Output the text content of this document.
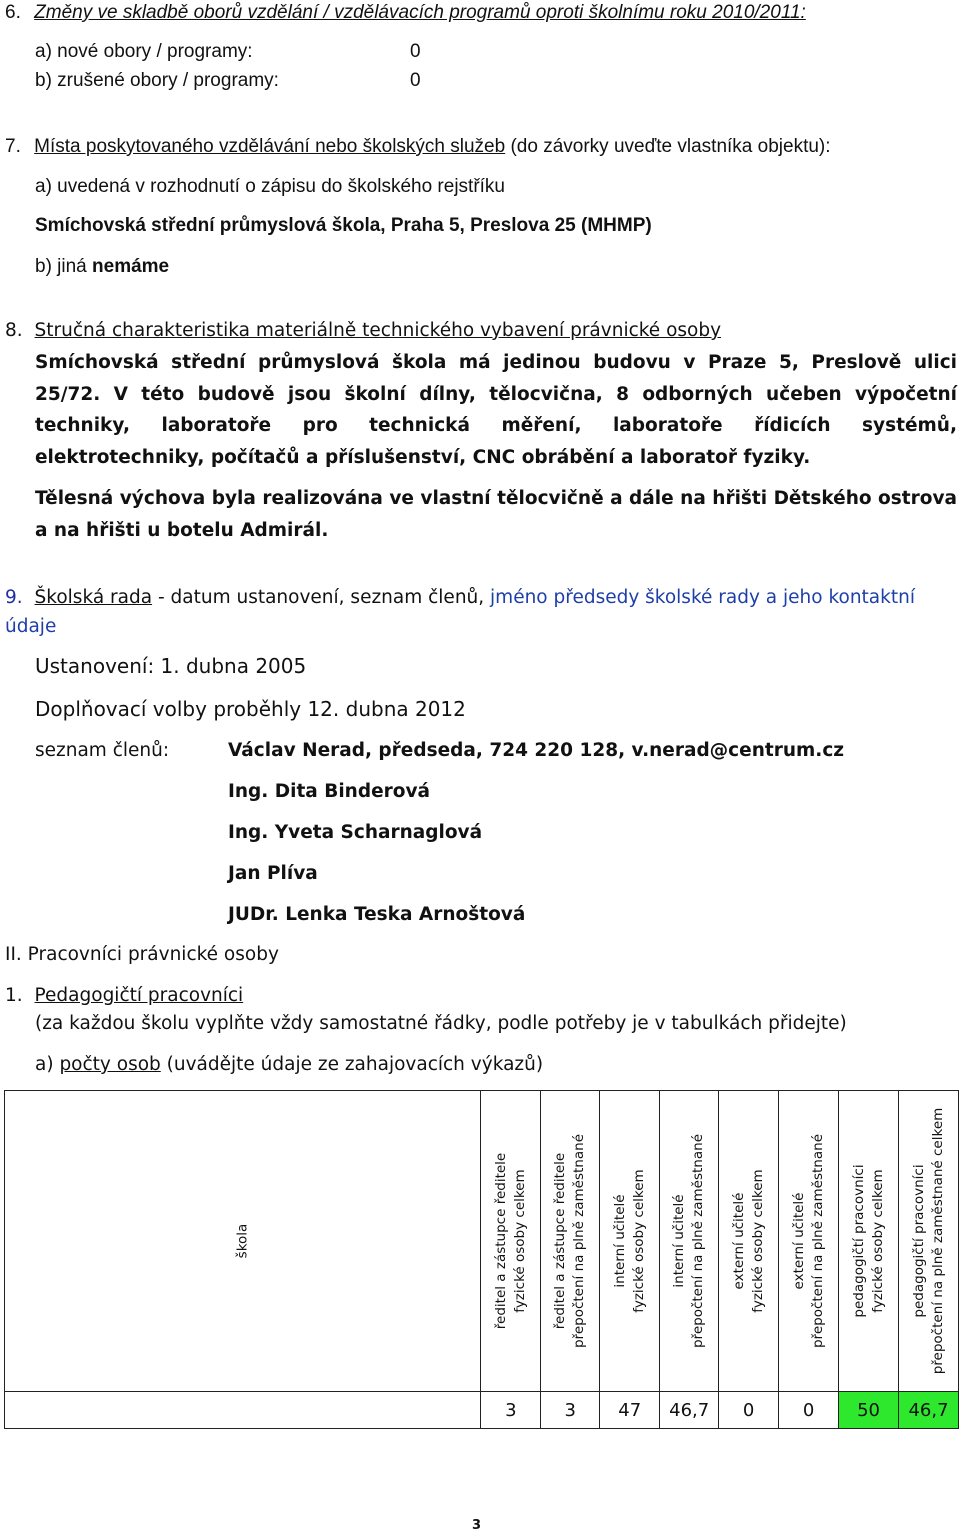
6. Změny ve skladbě oborů vzdělání / vzdělávacích programů oproti školnímu roku 2010/2011:
a) nové obory / programy:	0
b) zrušené obory / programy:	0
7. Místa poskytovaného vzdělávání nebo školských služeb (do závorky uveďte vlastníka objektu):
a) uvedená v rozhodnutí o zápisu do školského rejstříku
Smíchovská střední průmyslová škola, Praha 5, Preslova 25 (MHMP)
b) jiná nemáme
8. Stručná charakteristika materiálně technického vybavení právnické osoby
Smíchovská střední průmyslová škola má jedinou budovu v Praze 5, Preslově ulici 25/72. V této budově jsou školní dílny, tělocvična, 8 odborných učeben výpočetní techniky, laboratoře pro technická měření, laboratoře řídicích systémů, elektrotechniky, počítačů a příslušenství, CNC obrábění a laboratoř fyziky.
Tělesná výchova byla realizována ve vlastní tělocvičně a dále na hřišti Dětského ostrova a na hřišti u botelu Admirál.
9. Školská rada - datum ustanovení, seznam členů, jméno předsedy školské rady a jeho kontaktní údaje
Ustanovení: 1. dubna 2005
Doplňovací volby proběhly 12. dubna 2012
seznam členů:	Václav Nerad, předseda, 724 220 128, v.nerad@centrum.cz
Ing. Dita Binderová
Ing. Yveta Scharnaglová
Jan Plíva
JUDr. Lenka Teska Arnoštová
II. Pracovníci právnické osoby
1. Pedagogičtí pracovníci
(za každou školu vyplňte vždy samostatné řádky, podle potřeby je v tabulkách přidejte)
a) počty osob (uvádějte údaje ze zahajovacích výkazů)
škola	ředitel a zástupce ředitele fyzické osoby celkem	ředitel a zástupce ředitele přepočtení na plně zaměstnané	interní učitelé fyzické osoby celkem	interní učitelé přepočtení na plně zaměstnané	externí učitelé fyzické osoby celkem	externí učitelé přepočtení na plně zaměstnané	pedagogičtí pracovníci fyzické osoby celkem	pedagogičtí pracovníci přepočtení na plně zaměstnané celkem

	3	3	47	46,7	0	0	50	46,7
3
